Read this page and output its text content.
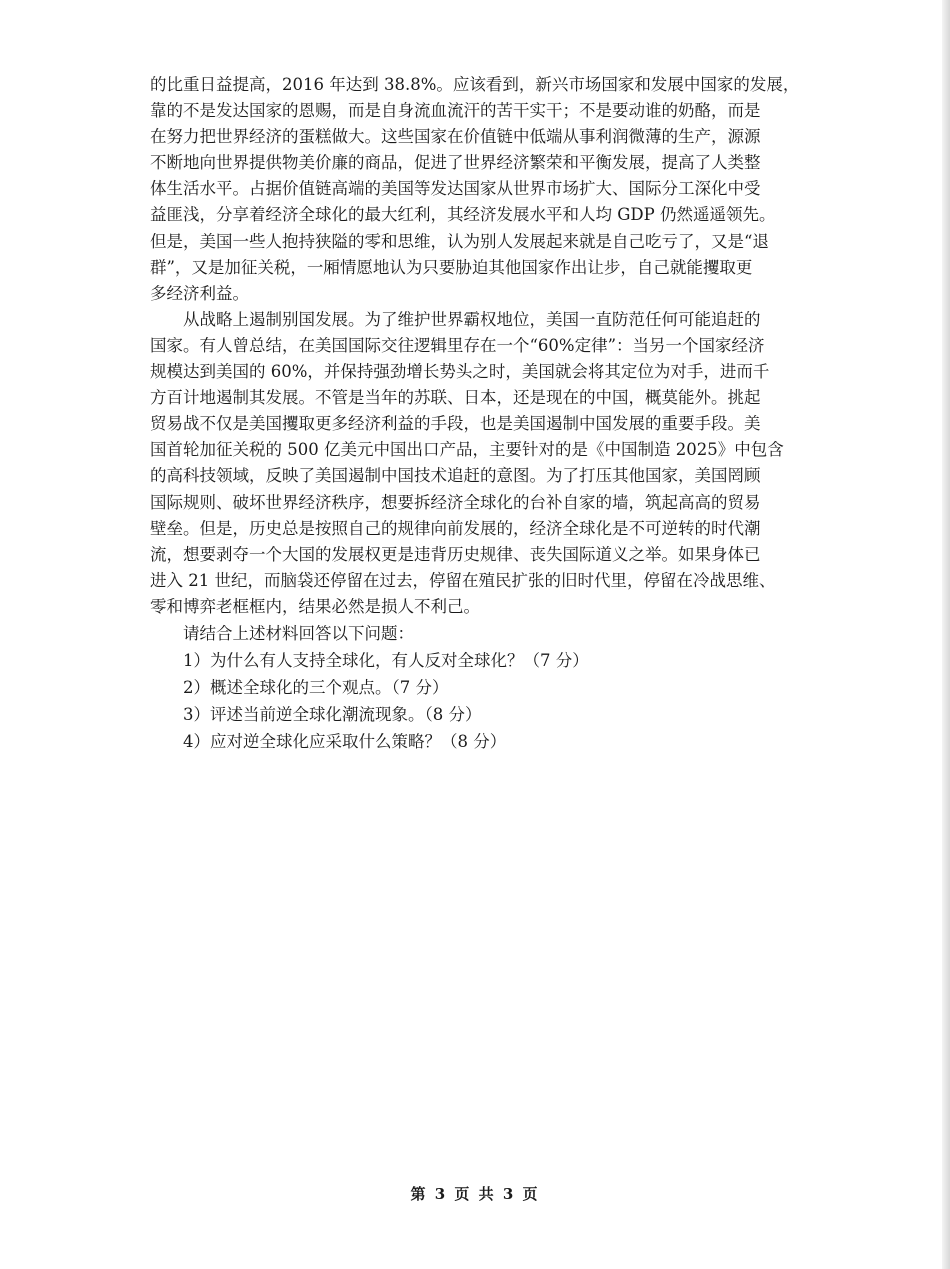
的比重日益提高，2016 年达到 38.8%。应该看到，新兴市场国家和发展中国家的发展，
靠的不是发达国家的恩赐，而是自身流血流汗的苦干实干；不是要动谁的奶酪，而是
在努力把世界经济的蛋糕做大。这些国家在价值链中低端从事利润微薄的生产，源源
不断地向世界提供物美价廉的商品，促进了世界经济繁荣和平衡发展，提高了人类整
体生活水平。占据价值链高端的美国等发达国家从世界市场扩大、国际分工深化中受
益匪浅，分享着经济全球化的最大红利，其经济发展水平和人均 GDP 仍然遥遥领先。
但是，美国一些人抱持狭隘的零和思维，认为别人发展起来就是自己吃亏了，又是“退
群”，又是加征关税，一厢情愿地认为只要胁迫其他国家作出让步，自己就能攫取更
多经济利益。
从战略上遏制别国发展。为了维护世界霸权地位，美国一直防范任何可能追赶的
国家。有人曾总结，在美国国际交往逻辑里存在一个“60%定律”：当另一个国家经济
规模达到美国的 60%，并保持强劲增长势头之时，美国就会将其定位为对手，进而千
方百计地遏制其发展。不管是当年的苏联、日本，还是现在的中国，概莫能外。挑起
贸易战不仅是美国攫取更多经济利益的手段，也是美国遏制中国发展的重要手段。美
国首轮加征关税的 500 亿美元中国出口产品，主要针对的是《中国制造 2025》中包含
的高科技领域，反映了美国遏制中国技术追赶的意图。为了打压其他国家，美国罔顾
国际规则、破坏世界经济秩序，想要拆经济全球化的台补自家的墙，筑起高高的贸易
壁垒。但是，历史总是按照自己的规律向前发展的，经济全球化是不可逆转的时代潮
流，想要剥夺一个大国的发展权更是违背历史规律、丧失国际道义之举。如果身体已
进入 21 世纪，而脑袋还停留在过去，停留在殖民扩张的旧时代里，停留在冷战思维、
零和博弈老框框内，结果必然是损人不利己。
请结合上述材料回答以下问题：
1）为什么有人支持全球化，有人反对全球化？（7 分）
2）概述全球化的三个观点。（7 分）
3）评述当前逆全球化潮流现象。（8 分）
4）应对逆全球化应采取什么策略？（8 分）
第 3 页 共 3 页
